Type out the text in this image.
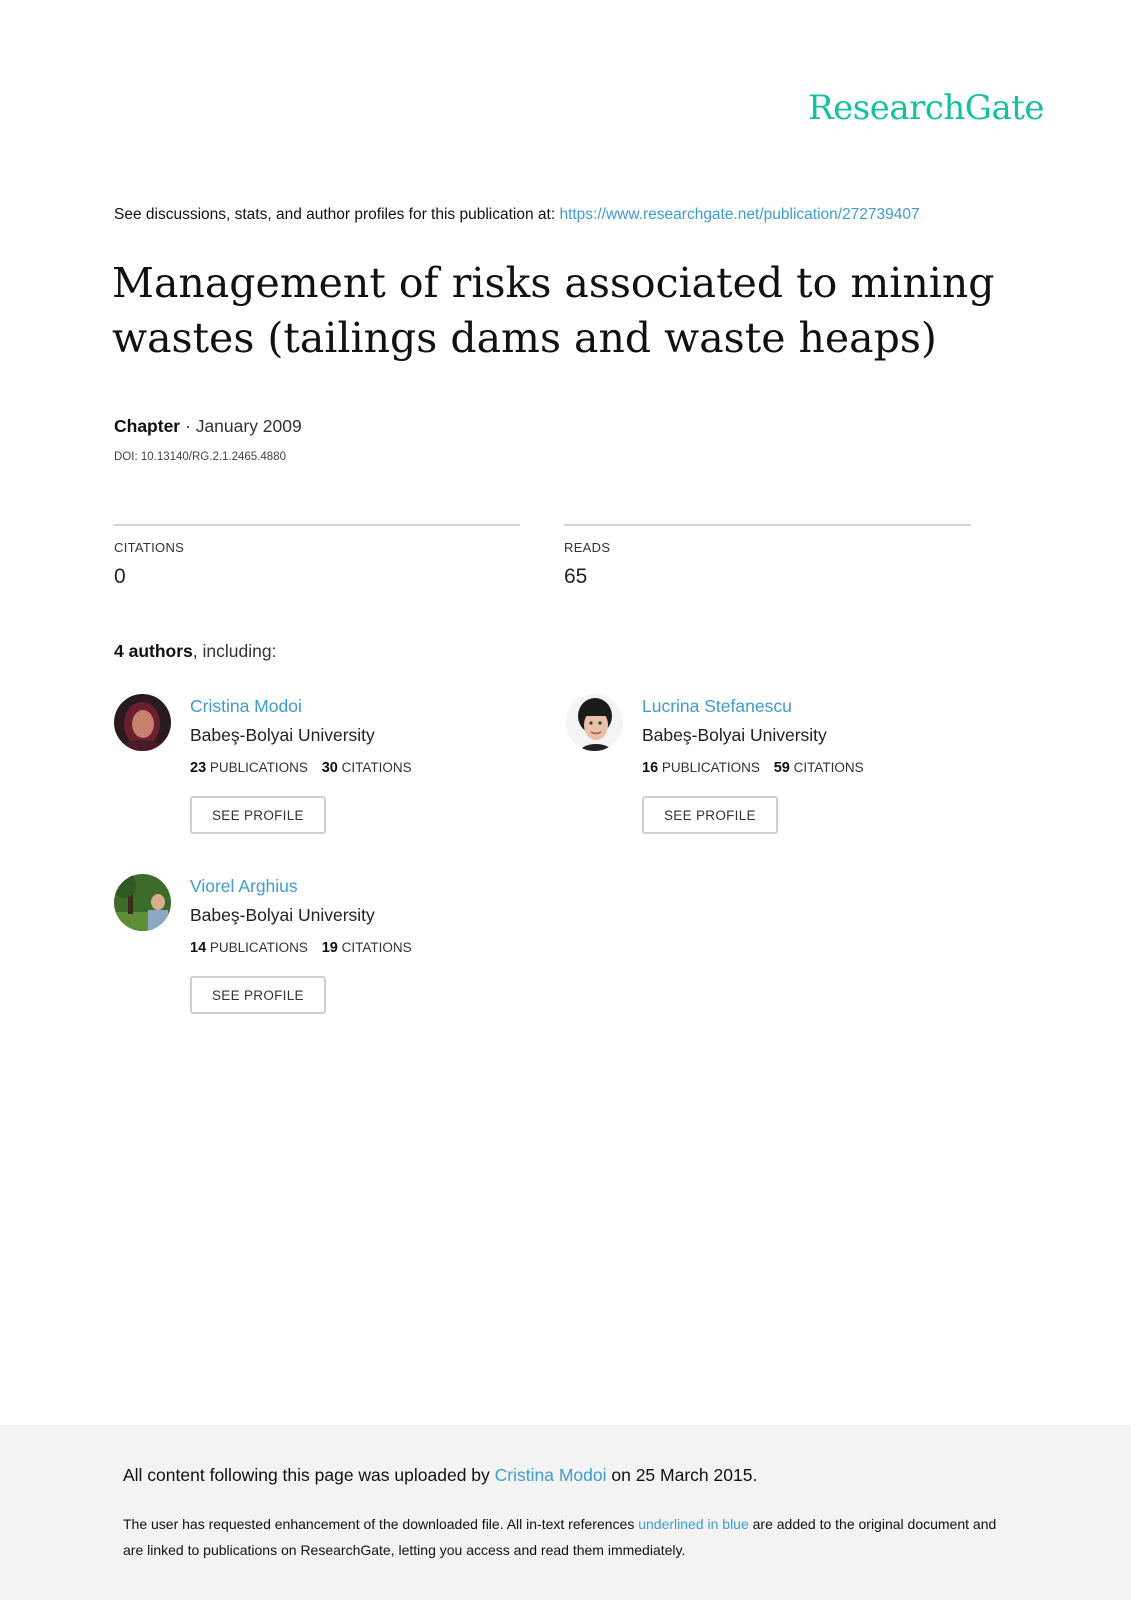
ResearchGate
See discussions, stats, and author profiles for this publication at: https://www.researchgate.net/publication/272739407
Management of risks associated to mining wastes (tailings dams and waste heaps)
Chapter · January 2009
DOI: 10.13140/RG.2.1.2465.4880
CITATIONS
0
READS
65
4 authors, including:
Cristina Modoi
Babeş-Bolyai University
23 PUBLICATIONS 30 CITATIONS
SEE PROFILE
Lucrina Stefanescu
Babeş-Bolyai University
16 PUBLICATIONS 59 CITATIONS
SEE PROFILE
Viorel Arghius
Babeş-Bolyai University
14 PUBLICATIONS 19 CITATIONS
SEE PROFILE
All content following this page was uploaded by Cristina Modoi on 25 March 2015.
The user has requested enhancement of the downloaded file. All in-text references underlined in blue are added to the original document and are linked to publications on ResearchGate, letting you access and read them immediately.
